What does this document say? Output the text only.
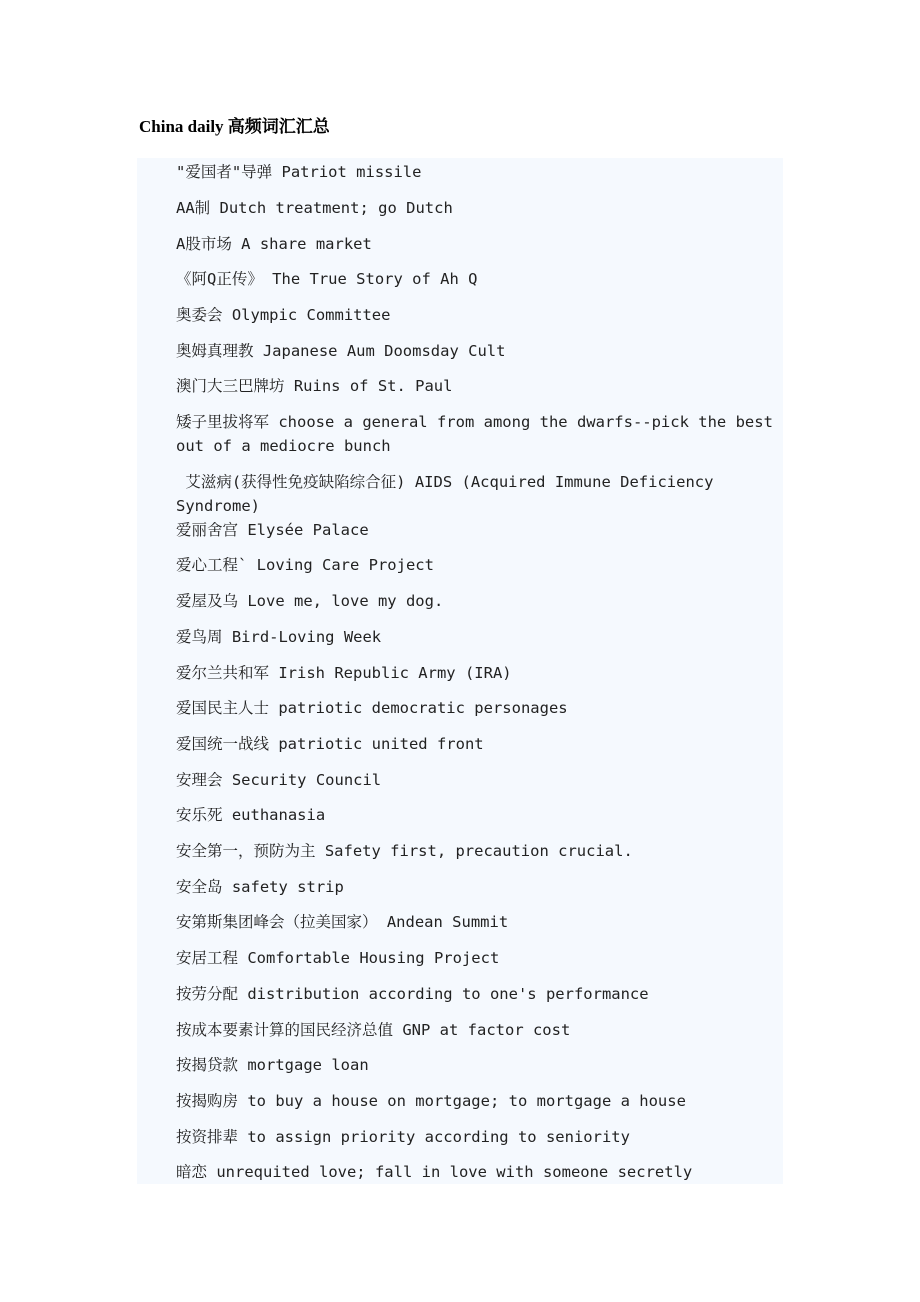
China daily 高频词汇汇总
"爱国者"导弹 Patriot missile
AA制 Dutch treatment; go Dutch
A股市场 A share market
《阿Q正传》 The True Story of Ah Q
奥委会 Olympic Committee
奥姆真理教 Japanese Aum Doomsday Cult
澳门大三巴牌坊 Ruins of St. Paul
矮子里拔将军 choose a general from among the dwarfs--pick the best
out of a mediocre bunch
艾滋病(获得性免疫缺陷综合征) AIDS (Acquired Immune Deficiency
Syndrome)
爱丽舍宫 Elysée Palace
爱心工程` Loving Care Project
爱屋及乌 Love me, love my dog.
爱鸟周 Bird-Loving Week
爱尔兰共和军 Irish Republic Army (IRA)
爱国民主人士 patriotic democratic personages
爱国统一战线 patriotic united front
安理会 Security Council
安乐死 euthanasia
安全第一，预防为主 Safety first, precaution crucial.
安全岛 safety strip
安第斯集团峰会（拉美国家） Andean Summit
安居工程 Comfortable Housing Project
按劳分配 distribution according to one's performance
按成本要素计算的国民经济总值 GNP at factor cost
按揭贷款 mortgage loan
按揭购房 to buy a house on mortgage; to mortgage a house
按资排辈 to assign priority according to seniority
暗恋 unrequited love; fall in love with someone secretly
